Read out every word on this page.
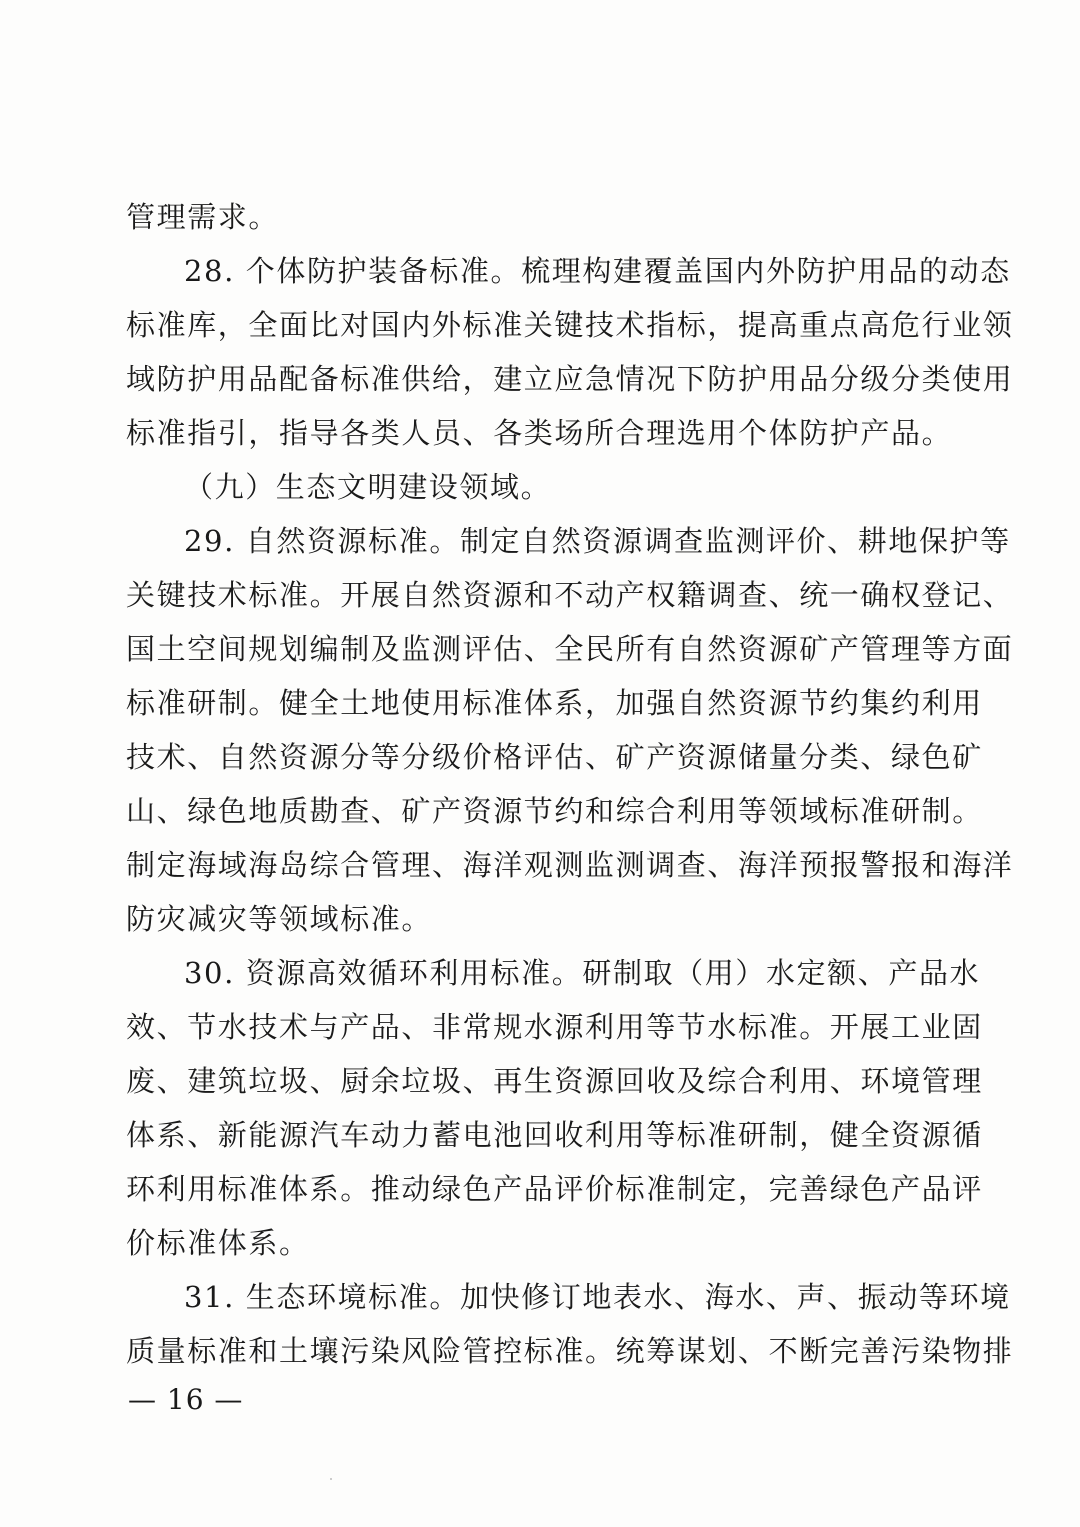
管理需求。
28. 个体防护装备标准。梳理构建覆盖国内外防护用品的动态
标准库，全面比对国内外标准关键技术指标，提高重点高危行业领
域防护用品配备标准供给，建立应急情况下防护用品分级分类使用
标准指引，指导各类人员、各类场所合理选用个体防护产品。
（九）生态文明建设领域。
29. 自然资源标准。制定自然资源调查监测评价、耕地保护等
关键技术标准。开展自然资源和不动产权籍调查、统一确权登记、
国土空间规划编制及监测评估、全民所有自然资源矿产管理等方面
标准研制。健全土地使用标准体系，加强自然资源节约集约利用
技术、自然资源分等分级价格评估、矿产资源储量分类、绿色矿
山、绿色地质勘查、矿产资源节约和综合利用等领域标准研制。
制定海域海岛综合管理、海洋观测监测调查、海洋预报警报和海洋
防灾减灾等领域标准。
30. 资源高效循环利用标准。研制取（用）水定额、产品水
效、节水技术与产品、非常规水源利用等节水标准。开展工业固
废、建筑垃圾、厨余垃圾、再生资源回收及综合利用、环境管理
体系、新能源汽车动力蓄电池回收利用等标准研制，健全资源循
环利用标准体系。推动绿色产品评价标准制定，完善绿色产品评
价标准体系。
31. 生态环境标准。加快修订地表水、海水、声、振动等环境
质量标准和土壤污染风险管控标准。统筹谋划、不断完善污染物排
— 16 —
